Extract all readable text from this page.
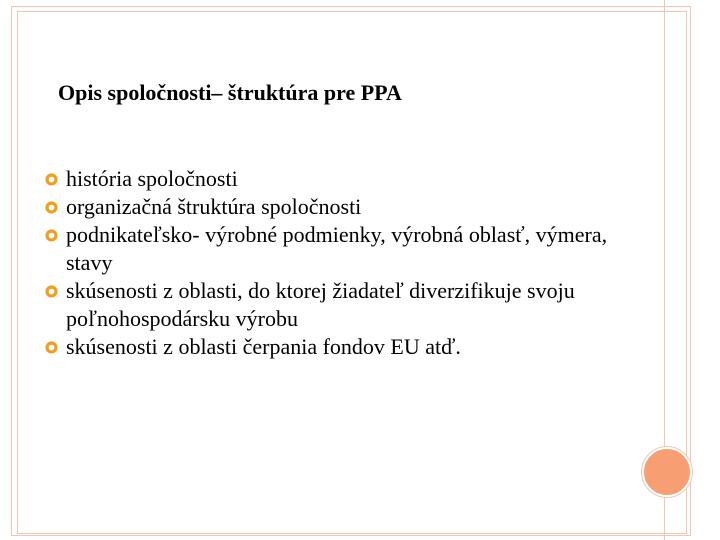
Opis spoločnosti– štruktúra pre PPA
história spoločnosti
organizačná štruktúra spoločnosti
podnikateľsko- výrobné podmienky, výrobná oblasť, výmera, stavy
skúsenosti z oblasti, do ktorej žiadateľ diverzifikuje svoju poľnohospodársku výrobu
skúsenosti z oblasti čerpania fondov EU atď.
